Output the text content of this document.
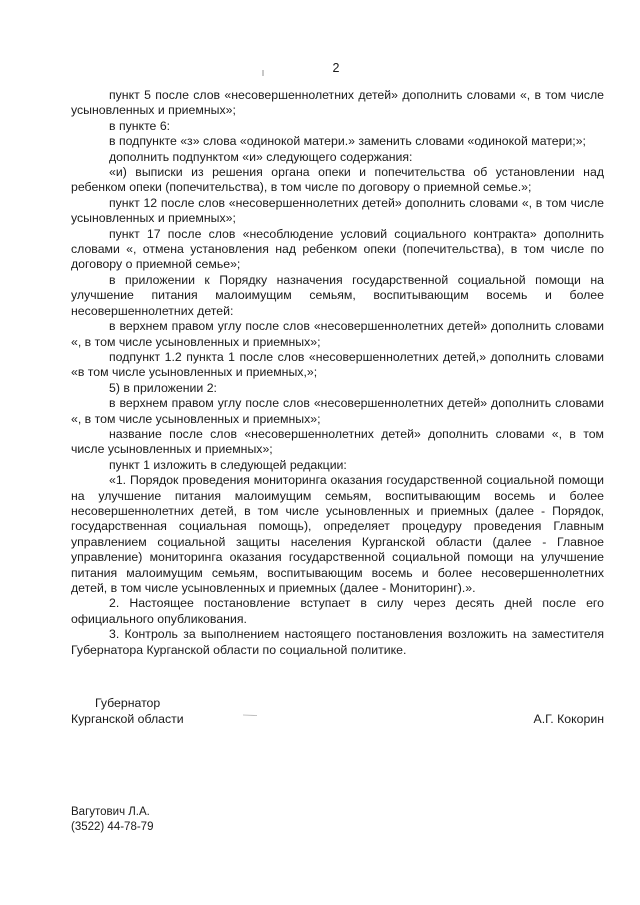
2

пункт 5 после слов «несовершеннолетних детей» дополнить словами «, в том числе усыновленных и приемных»;

в пункте 6:

в подпункте «з» слова «одинокой матери.» заменить словами «одинокой матери;»;

дополнить подпунктом «и» следующего содержания:

«и) выписки из решения органа опеки и попечительства об установлении над ребенком опеки (попечительства), в том числе по договору о приемной семье.»;

пункт 12 после слов «несовершеннолетних детей» дополнить словами «, в том числе усыновленных и приемных»;

пункт 17 после слов «несоблюдение условий социального контракта» дополнить словами «, отмена установления над ребенком опеки (попечительства), в том числе по договору о приемной семье»;

в приложении к Порядку назначения государственной социальной помощи на улучшение питания малоимущим семьям, воспитывающим восемь и более несовершеннолетних детей:

в верхнем правом углу после слов «несовершеннолетних детей» дополнить словами «, в том числе усыновленных и приемных»;

подпункт 1.2 пункта 1 после слов «несовершеннолетних детей,» дополнить словами «в том числе усыновленных и приемных,»;

5) в приложении 2:

в верхнем правом углу после слов «несовершеннолетних детей» дополнить словами «, в том числе усыновленных и приемных»;

название после слов «несовершеннолетних детей» дополнить словами «, в том числе усыновленных и приемных»;

пункт 1 изложить в следующей редакции:

«1. Порядок проведения мониторинга оказания государственной социальной помощи на улучшение питания малоимущим семьям, воспитывающим восемь и более несовершеннолетних детей, в том числе усыновленных и приемных (далее - Порядок, государственная социальная помощь), определяет процедуру проведения Главным управлением социальной защиты населения Курганской области (далее - Главное управление) мониторинга оказания государственной социальной помощи на улучшение питания малоимущим семьям, воспитывающим восемь и более несовершеннолетних детей, в том числе усыновленных и приемных (далее - Мониторинг).».

2. Настоящее постановление вступает в силу через десять дней после его официального опубликования.

3. Контроль за выполнением настоящего постановления возложить на заместителя Губернатора Курганской области по социальной политике.

Губернатор
Курганской области	А.Г. Кокорин
Вагутович Л.А.
(3522) 44-78-79
